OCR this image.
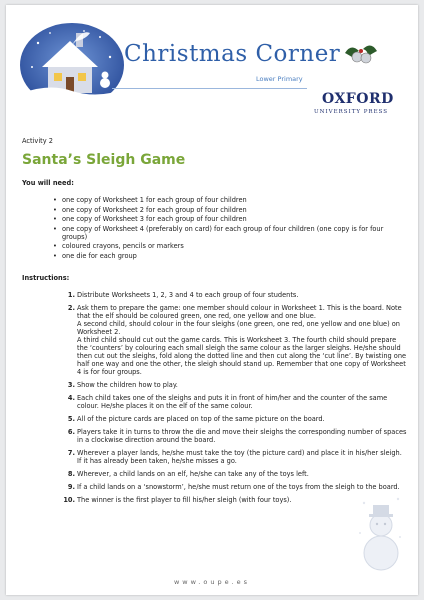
Christmas Corner
Lower Primary
OXFORD
UNIVERSITY PRESS
Activity 2
Santa’s Sleigh Game
You will need:
• one copy of Worksheet 1 for each group of four children
• one copy of Worksheet 2 for each group of four children
• one copy of Worksheet 3 for each group of four children
• one copy of Worksheet 4 (preferably on card) for each group of four children (one copy is for four groups)
• coloured crayons, pencils or markers
• one die for each group
Instructions:
1. Distribute Worksheets 1, 2, 3 and 4 to each group of four students.
2. Ask them to prepare the game: one member should colour in Worksheet 1. This is the board. Note that the elf should be coloured green, one red, one yellow and one blue.
A second child, should colour in the four sleighs (one green, one red, one yellow and one blue) on Worksheet 2.
A third child should cut out the game cards. This is Worksheet 3. The fourth child should prepare the ‘counters’ by colouring each small sleigh the same colour as the larger sleighs. He/she should then cut out the sleighs, fold along the dotted line and then cut along the ‘cut line’. By twisting one half one way and one the other, the sleigh should stand up. Remember that one copy of Worksheet 4 is for four groups.
3. Show the children how to play.
4. Each child takes one of the sleighs and puts it in front of him/her and the counter of the same colour. He/she places it on the elf of the same colour.
5. All of the picture cards are placed on top of the same picture on the board.
6. Players take it in turns to throw the die and move their sleighs the corresponding number of spaces in a clockwise direction around the board.
7. Wherever a player lands, he/she must take the toy (the picture card) and place it in his/her sleigh. If it has already been taken, he/she misses a go.
8. Wherever, a child lands on an elf, he/she can take any of the toys left.
9. If a child lands on a ‘snowstorm’, he/she must return one of the toys from the sleigh to the board.
10. The winner is the first player to fill his/her sleigh (with four toys).
www.oupe.es
